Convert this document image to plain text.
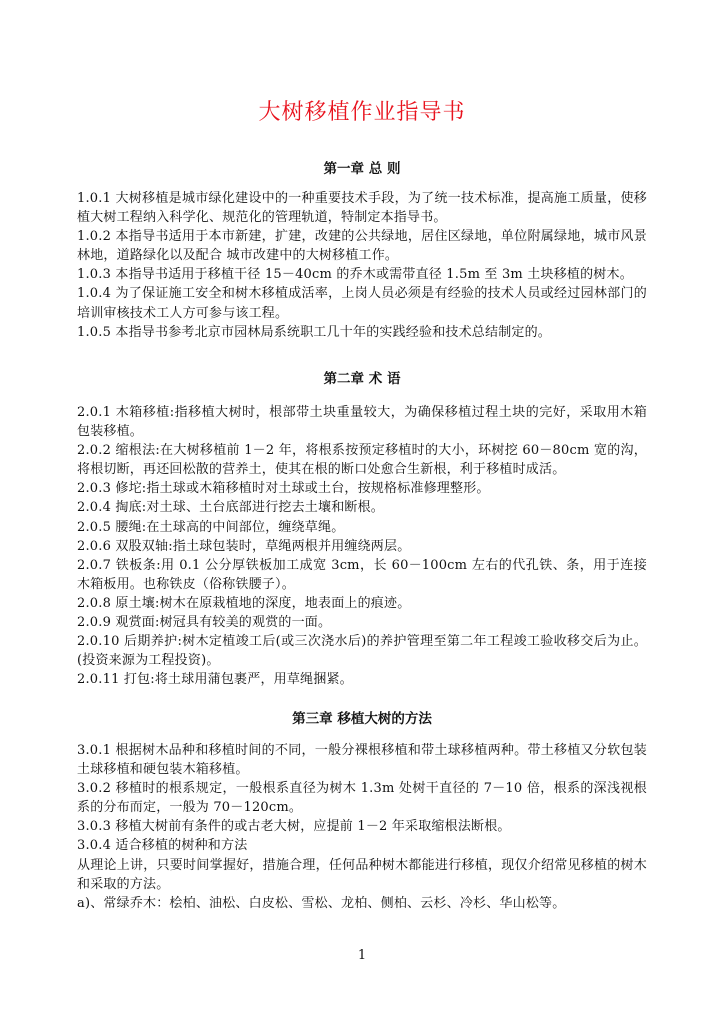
大树移植作业指导书
第一章 总 则

1.0.1 大树移植是城市绿化建设中的一种重要技术手段，为了统一技术标准，提高施工质量，使移植大树工程纳入科学化、规范化的管理轨道，特制定本指导书。

1.0.2 本指导书适用于本市新建，扩建，改建的公共绿地，居住区绿地，单位附属绿地，城市风景林地，道路绿化以及配合 城市改建中的大树移植工作。

1.0.3 本指导书适用于移植干径 15－40cm 的乔木或需带直径 1.5m 至 3m 土块移植的树木。

1.0.4 为了保证施工安全和树木移植成活率，上岗人员必须是有经验的技术人员或经过园林部门的培训审核技术工人方可参与该工程。

1.0.5 本指导书参考北京市园林局系统职工几十年的实践经验和技术总结制定的。

第二章 术 语

2.0.1 木箱移植:指移植大树时，根部带土块重量较大，为确保移植过程土块的完好，采取用木箱包装移植。

2.0.2 缩根法:在大树移植前 1－2 年，将根系按预定移植时的大小，环树挖 60－80cm 宽的沟，将根切断，再还回松散的营养土，使其在根的断口处愈合生新根，利于移植时成活。

2.0.3 修坨:指土球或木箱移植时对土球或土台，按规格标准修理整形。

2.0.4 掏底:对土球、土台底部进行挖去土壤和断根。

2.0.5 腰绳:在土球高的中间部位，缠绕草绳。

2.0.6 双股双轴:指土球包装时，草绳两根并用缠绕两层。

2.0.7 铁板条:用 0.1 公分厚铁板加工成宽 3cm，长 60－100cm 左右的代孔铁、条，用于连接木箱板用。也称铁皮（俗称铁腰子）。

2.0.8 原土壤:树木在原栽植地的深度，地表面上的痕迹。

2.0.9 观赏面:树冠具有较美的观赏的一面。

2.0.10 后期养护:树木定植竣工后(或三次浇水后)的养护管理至第二年工程竣工验收移交后为止。(投资来源为工程投资)。

2.0.11 打包:将土球用蒲包裹严，用草绳捆紧。

第三章 移植大树的方法

3.0.1 根据树木品种和移植时间的不同，一般分裸根移植和带土球移植两种。带土移植又分软包装土球移植和硬包装木箱移植。

3.0.2 移植时的根系规定，一般根系直径为树木 1.3m 处树干直径的 7－10 倍，根系的深浅视根系的分布而定，一般为 70－120cm。

3.0.3 移植大树前有条件的或古老大树，应提前 1－2 年采取缩根法断根。

3.0.4 适合移植的树种和方法

从理论上讲，只要时间掌握好，措施合理，任何品种树木都能进行移植，现仅介绍常见移植的树木和采取的方法。

a)、常绿乔木：桧柏、油松、白皮松、雪松、龙柏、侧柏、云杉、冷杉、华山松等。

1
